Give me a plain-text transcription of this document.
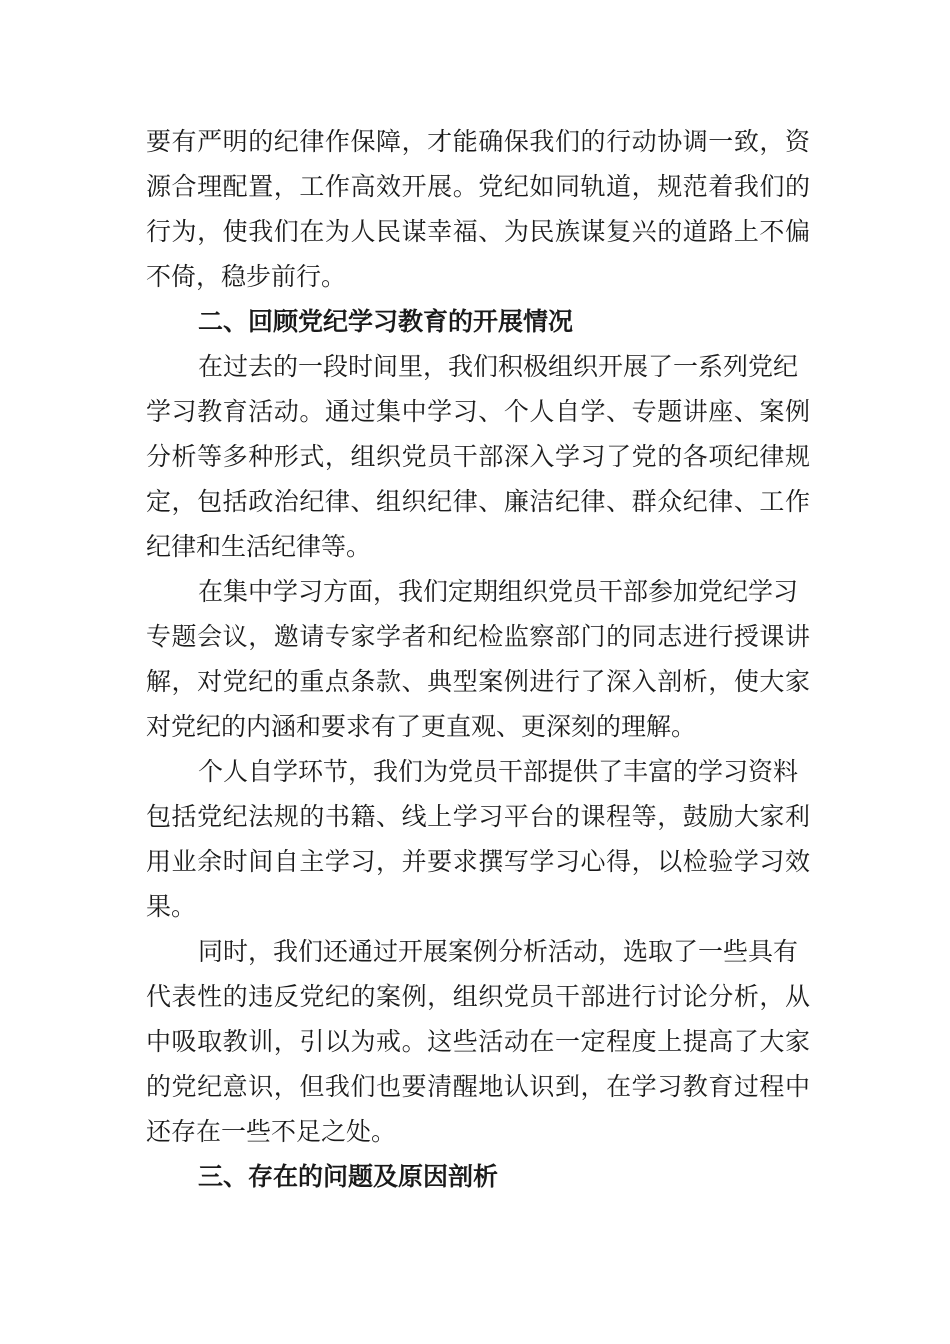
要有严明的纪律作保障，才能确保我们的行动协调一致，资
源合理配置，工作高效开展。党纪如同轨道，规范着我们的
行为，使我们在为人民谋幸福、为民族谋复兴的道路上不偏
不倚，稳步前行。
二、回顾党纪学习教育的开展情况
在过去的一段时间里，我们积极组织开展了一系列党纪
学习教育活动。通过集中学习、个人自学、专题讲座、案例
分析等多种形式，组织党员干部深入学习了党的各项纪律规
定，包括政治纪律、组织纪律、廉洁纪律、群众纪律、工作
纪律和生活纪律等。
在集中学习方面，我们定期组织党员干部参加党纪学习
专题会议，邀请专家学者和纪检监察部门的同志进行授课讲
解，对党纪的重点条款、典型案例进行了深入剖析，使大家
对党纪的内涵和要求有了更直观、更深刻的理解。
个人自学环节，我们为党员干部提供了丰富的学习资料
包括党纪法规的书籍、线上学习平台的课程等，鼓励大家利
用业余时间自主学习，并要求撰写学习心得，以检验学习效
果。
同时，我们还通过开展案例分析活动，选取了一些具有
代表性的违反党纪的案例，组织党员干部进行讨论分析，从
中吸取教训，引以为戒。这些活动在一定程度上提高了大家
的党纪意识，但我们也要清醒地认识到，在学习教育过程中
还存在一些不足之处。
三、存在的问题及原因剖析
